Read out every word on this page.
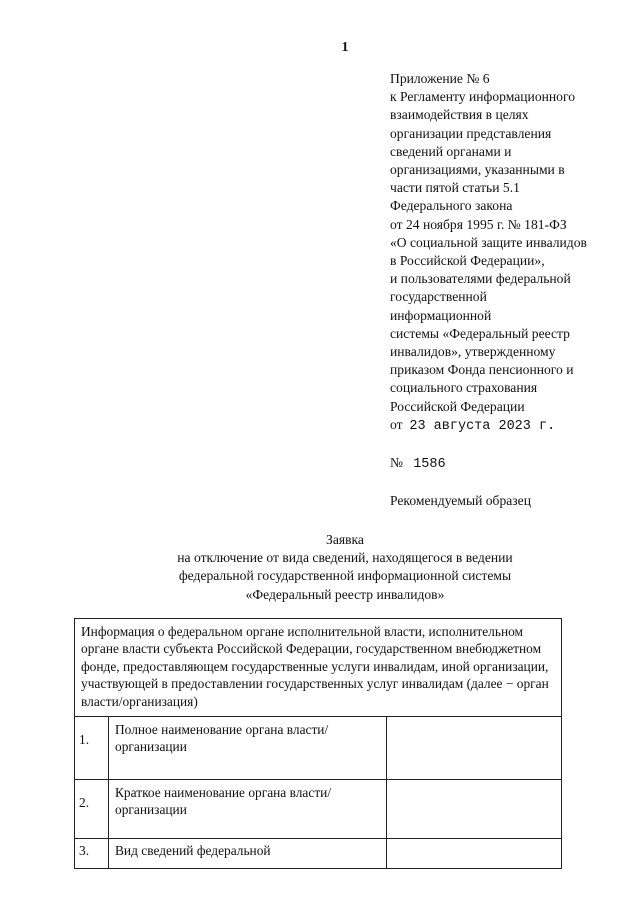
1
Приложение № 6
к Регламенту информационного
взаимодействия в целях
организации представления
сведений органами и
организациями, указанными в
части пятой статьи 5.1
Федерального закона
от 24 ноября 1995 г. № 181-ФЗ
«О социальной защите инвалидов
в Российской Федерации»,
и пользователями федеральной
государственной
информационной
системы «Федеральный реестр
инвалидов», утвержденному
приказом Фонда пенсионного и
социального страхования
Российской Федерации
от 23 августа 2023 г.
№ 1586
Рекомендуемый образец
Заявка
на отключение от вида сведений, находящегося в ведении
федеральной государственной информационной системы
«Федеральный реестр инвалидов»
Информация о федеральном органе исполнительной власти, исполнительном органе власти субъекта Российской Федерации, государственном внебюджетном фонде, предоставляющем государственные услуги инвалидам, иной организации, участвующей в предоставлении государственных услуг инвалидам (далее − орган власти/организация)		
1.	Полное наименование органа власти/организации	
2.	Краткое наименование органа власти/организации	
3.	Вид сведений федеральной	
